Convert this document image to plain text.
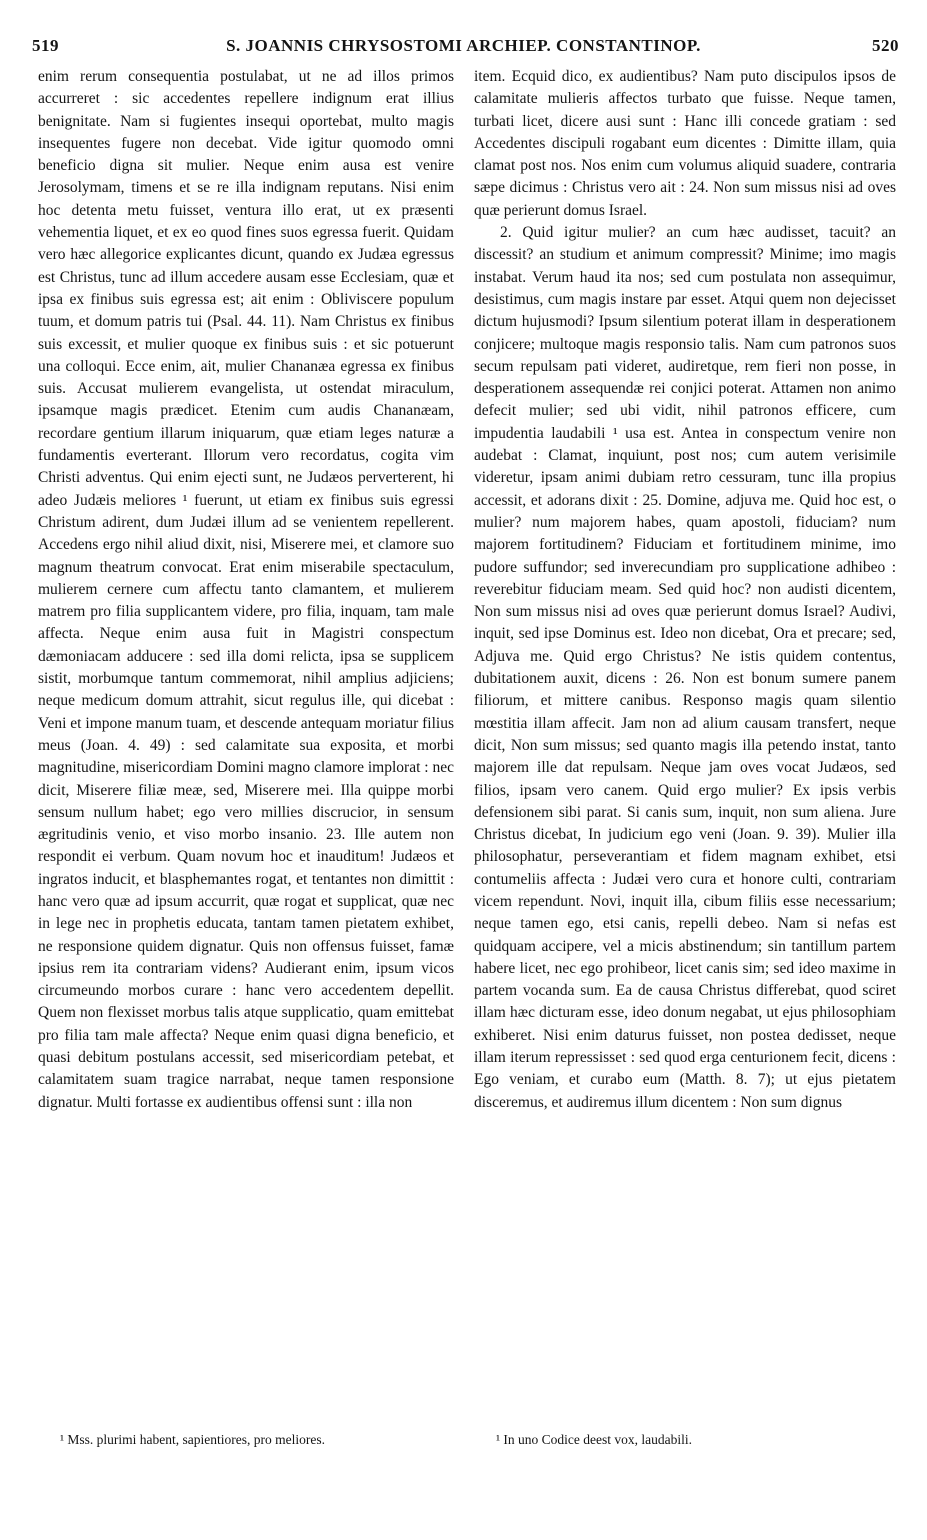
519	S. JOANNIS CHRYSOSTOMI ARCHIEP. CONSTANTINOP.	520

enim rerum consequentia postulabat, ut ne ad illos primos accurreret : sic accedentes repellere indignum erat illius benignitate. Nam si fugientes insequi oportebat, multo magis insequentes fugere non decebat. Vide igitur quomodo omni beneficio digna sit mulier. Neque enim ausa est venire Jerosolymam, timens et se re illa indignam reputans. Nisi enim hoc detenta metu fuisset, ventura illo erat, ut ex præsenti vehementia liquet, et ex eo quod fines suos egressa fuerit. Quidam vero hæc allegorice explicantes dicunt, quando ex Judæa egressus est Christus, tunc ad illum accedere ausam esse Ecclesiam, quæ et ipsa ex finibus suis egressa est; ait enim : Obliviscere populum tuum, et domum patris tui (Psal. 44. 11). Nam Christus ex finibus suis excessit, et mulier quoque ex finibus suis : et sic potuerunt una colloqui. Ecce enim, ait, mulier Chananæa egressa ex finibus suis. Accusat mulierem evangelista, ut ostendat miraculum, ipsamque magis prædicet. Etenim cum audis Chananæam, recordare gentium illarum iniquarum, quæ etiam leges naturæ a fundamentis everterant. Illorum vero recordatus, cogita vim Christi adventus. Qui enim ejecti sunt, ne Judæos perverterent, hi adeo Judæis meliores ¹ fuerunt, ut etiam ex finibus suis egressi Christum adirent, dum Judæi illum ad se venientem repellerent. Accedens ergo nihil aliud dixit, nisi, Miserere mei, et clamore suo magnum theatrum convocat. Erat enim miserabile spectaculum, mulierem cernere cum affectu tanto clamantem, et mulierem matrem pro filia supplicantem videre, pro filia, inquam, tam male affecta. Neque enim ausa fuit in Magistri conspectum dæmoniacam adducere : sed illa domi relicta, ipsa se supplicem sistit, morbumque tantum commemorat, nihil amplius adjiciens; neque medicum domum attrahit, sicut regulus ille, qui dicebat : Veni et impone manum tuam, et descende antequam moriatur filius meus (Joan. 4. 49) : sed calamitate sua exposita, et morbi magnitudine, misericordiam Domini magno clamore implorat : nec dicit, Miserere filiæ meæ, sed, Miserere mei. Illa quippe morbi sensum nullum habet; ego vero millies discrucior, in sensum ægritudinis venio, et viso morbo insanio. 23. Ille autem non respondit ei verbum. Quam novum hoc et inauditum! Judæos et ingratos inducit, et blasphemantes rogat, et tentantes non dimittit : hanc vero quæ ad ipsum accurrit, quæ rogat et supplicat, quæ nec in lege nec in prophetis educata, tantam tamen pietatem exhibet, ne responsione quidem dignatur. Quis non offensus fuisset, famæ ipsius rem ita contrariam videns? Audierant enim, ipsum vicos circumeundo morbos curare : hanc vero accedentem depellit. Quem non flexisset morbus talis atque supplicatio, quam emittebat pro filia tam male affecta? Neque enim quasi digna beneficio, et quasi debitum postulans accessit, sed misericordiam petebat, et calamitatem suam tragice narrabat, neque tamen responsione dignatur. Multi fortasse ex audientibus offensi sunt : illa non

item. Ecquid dico, ex audientibus? Nam puto discipulos ipsos de calamitate mulieris affectos turbato que fuisse. Neque tamen, turbati licet, dicere ausi sunt : Hanc illi concede gratiam : sed Accedentes discipuli rogabant eum dicentes : Dimitte illam, quia clamat post nos. Nos enim cum volumus aliquid suadere, contraria sæpe dicimus : Christus vero ait : 24. Non sum missus nisi ad oves quæ perierunt domus Israel.

2. Quid igitur mulier? an cum hæc audisset, tacuit? an discessit? an studium et animum compressit? Minime; imo magis instabat. Verum haud ita nos; sed cum postulata non assequimur, desistimus, cum magis instare par esset. Atqui quem non dejecisset dictum hujusmodi? Ipsum silentium poterat illam in desperationem conjicere; multoque magis responsio talis. Nam cum patronos suos secum repulsam pati videret, audiretque, rem fieri non posse, in desperationem assequendæ rei conjici poterat. Attamen non animo defecit mulier; sed ubi vidit, nihil patronos efficere, cum impudentia laudabili ¹ usa est. Antea in conspectum venire non audebat : Clamat, inquiunt, post nos; cum autem verisimile videretur, ipsam animi dubiam retro cessuram, tunc illa propius accessit, et adorans dixit : 25. Domine, adjuva me. Quid hoc est, o mulier? num majorem habes, quam apostoli, fiduciam? num majorem fortitudinem? Fiduciam et fortitudinem minime, imo pudore suffundor; sed inverecundiam pro supplicatione adhibeo : reverebitur fiduciam meam. Sed quid hoc? non audisti dicentem, Non sum missus nisi ad oves quæ perierunt domus Israel? Audivi, inquit, sed ipse Dominus est. Ideo non dicebat, Ora et precare; sed, Adjuva me. Quid ergo Christus? Ne istis quidem contentus, dubitationem auxit, dicens : 26. Non est bonum sumere panem filiorum, et mittere canibus. Responso magis quam silentio mœstitia illam affecit. Jam non ad alium causam transfert, neque dicit, Non sum missus; sed quanto magis illa petendo instat, tanto majorem ille dat repulsam. Neque jam oves vocat Judæos, sed filios, ipsam vero canem. Quid ergo mulier? Ex ipsis verbis defensionem sibi parat. Si canis sum, inquit, non sum aliena. Jure Christus dicebat, In judicium ego veni (Joan. 9. 39). Mulier illa philosophatur, perseverantiam et fidem magnam exhibet, etsi contumeliis affecta : Judæi vero cura et honore culti, contrariam vicem rependunt. Novi, inquit illa, cibum filiis esse necessarium; neque tamen ego, etsi canis, repelli debeo. Nam si nefas est quidquam accipere, vel a micis abstinendum; sin tantillum partem habere licet, nec ego prohibeor, licet canis sim; sed ideo maxime in partem vocanda sum. Ea de causa Christus differebat, quod sciret illam hæc dicturam esse, ideo donum negabat, ut ejus philosophiam exhiberet. Nisi enim daturus fuisset, non postea dedisset, neque illam iterum repressisset : sed quod erga centurionem fecit, dicens : Ego veniam, et curabo eum (Matth. 8. 7); ut ejus pietatem disceremus, et audiremus illum dicentem : Non sum dignus

¹ Mss. plurimi habent, sapientiores, pro meliores.	¹ In uno Codice deest vox, laudabili.
